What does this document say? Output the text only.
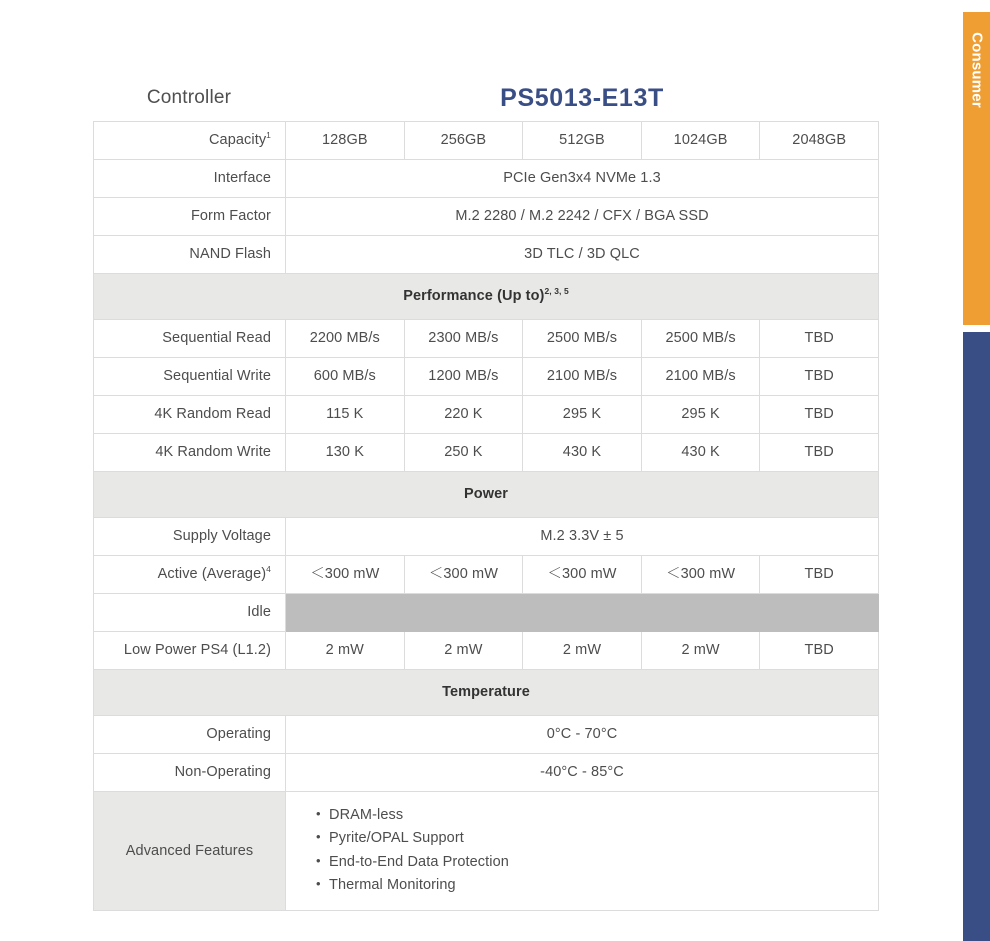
Consumer
Controller	PS5013-E13T
Capacity$^1$	128GB	256GB	512GB	1024GB	2048GB
Interface	PCIe Gen3x4 NVMe 1.3				
Form Factor	M.2 2280 / M.2 2242 / CFX / BGA SSD				
NAND Flash	3D TLC / 3D QLC				
Performance (Up to)$^{2, 3, 5}$
Sequential Read	2200 MB/s	2300 MB/s	2500 MB/s	2500 MB/s	TBD
Sequential Write	600 MB/s	1200 MB/s	2100 MB/s	2100 MB/s	TBD
4K Random Read	115 K	220 K	295 K	295 K	TBD
4K Random Write	130 K	250 K	430 K	430 K	TBD
Power					
Supply Voltage	M.2 3.3V ± 5				
Active (Average)$^4$	＜300 mW	＜300 mW	＜300 mW	＜300 mW	TBD
Idle					
Low Power PS4 (L1.2)	2 mW	2 mW	2 mW	2 mW	TBD
Temperature					
Operating	0°C - 70°C				
Non-Operating	-40°C - 85°C				
Advanced Features	
• DRAM-less
• Pyrite/OPAL Support
• End-to-End Data Protection
• Thermal Monitoring
